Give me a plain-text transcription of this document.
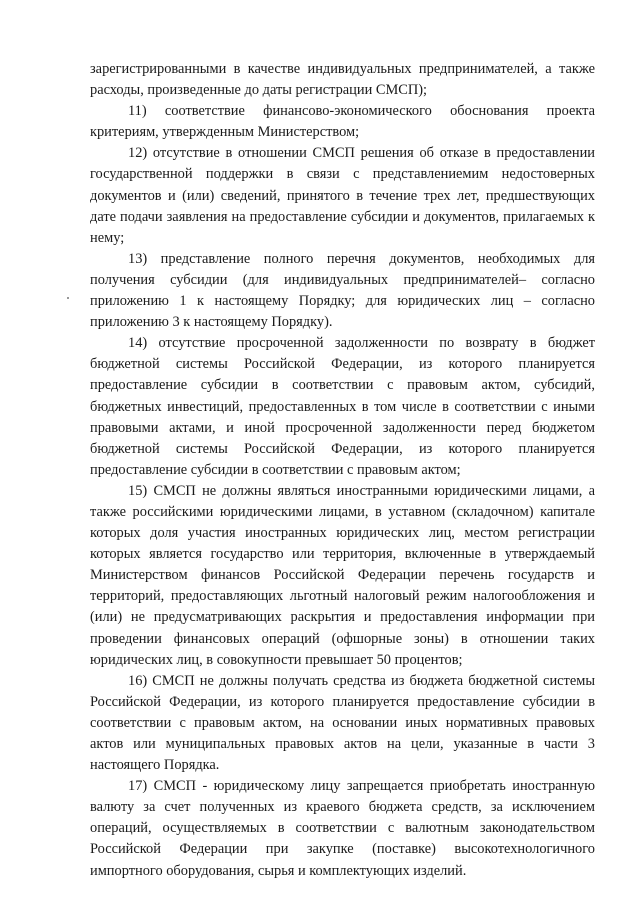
зарегистрированными в качестве индивидуальных предпринимателей, а также расходы, произведенные до даты регистрации СМСП);

11) соответствие финансово-экономического обоснования проекта критериям, утвержденным Министерством;

12) отсутствие в отношении СМСП решения об отказе в предоставлении государственной поддержки в связи с представлениемим недостоверных документов и (или) сведений, принятого в течение трех лет, предшествующих дате подачи заявления на предоставление субсидии и документов, прилагаемых к нему;

13) представление полного перечня документов, необходимых для получения субсидии (для индивидуальных предпринимателей– согласно приложению 1 к настоящему Порядку; для юридических лиц – согласно приложению 3 к настоящему Порядку).

14) отсутствие просроченной задолженности по возврату в бюджет бюджетной системы Российской Федерации, из которого планируется предоставление субсидии в соответствии с правовым актом, субсидий, бюджетных инвестиций, предоставленных в том числе в соответствии с иными правовыми актами, и иной просроченной задолженности перед бюджетом бюджетной системы Российской Федерации, из которого планируется предоставление субсидии в соответствии с правовым актом;

15) СМСП не должны являться иностранными юридическими лицами, а также российскими юридическими лицами, в уставном (складочном) капитале которых доля участия иностранных юридических лиц, местом регистрации которых является государство или территория, включенные в утверждаемый Министерством финансов Российской Федерации перечень государств и территорий, предоставляющих льготный налоговый режим налогообложения и (или) не предусматривающих раскрытия и предоставления информации при проведении финансовых операций (офшорные зоны) в отношении таких юридических лиц, в совокупности превышает 50 процентов;

16) СМСП не должны получать средства из бюджета бюджетной системы Российской Федерации, из которого планируется предоставление субсидии в соответствии с правовым актом, на основании иных нормативных правовых актов или муниципальных правовых актов на цели, указанные в части 3 настоящего Порядка.

17) СМСП - юридическому лицу запрещается приобретать иностранную валюту за счет полученных из краевого бюджета средств, за исключением операций, осуществляемых в соответствии с валютным законодательством Российской Федерации при закупке (поставке) высокотехнологичного импортного оборудования, сырья и комплектующих изделий.
